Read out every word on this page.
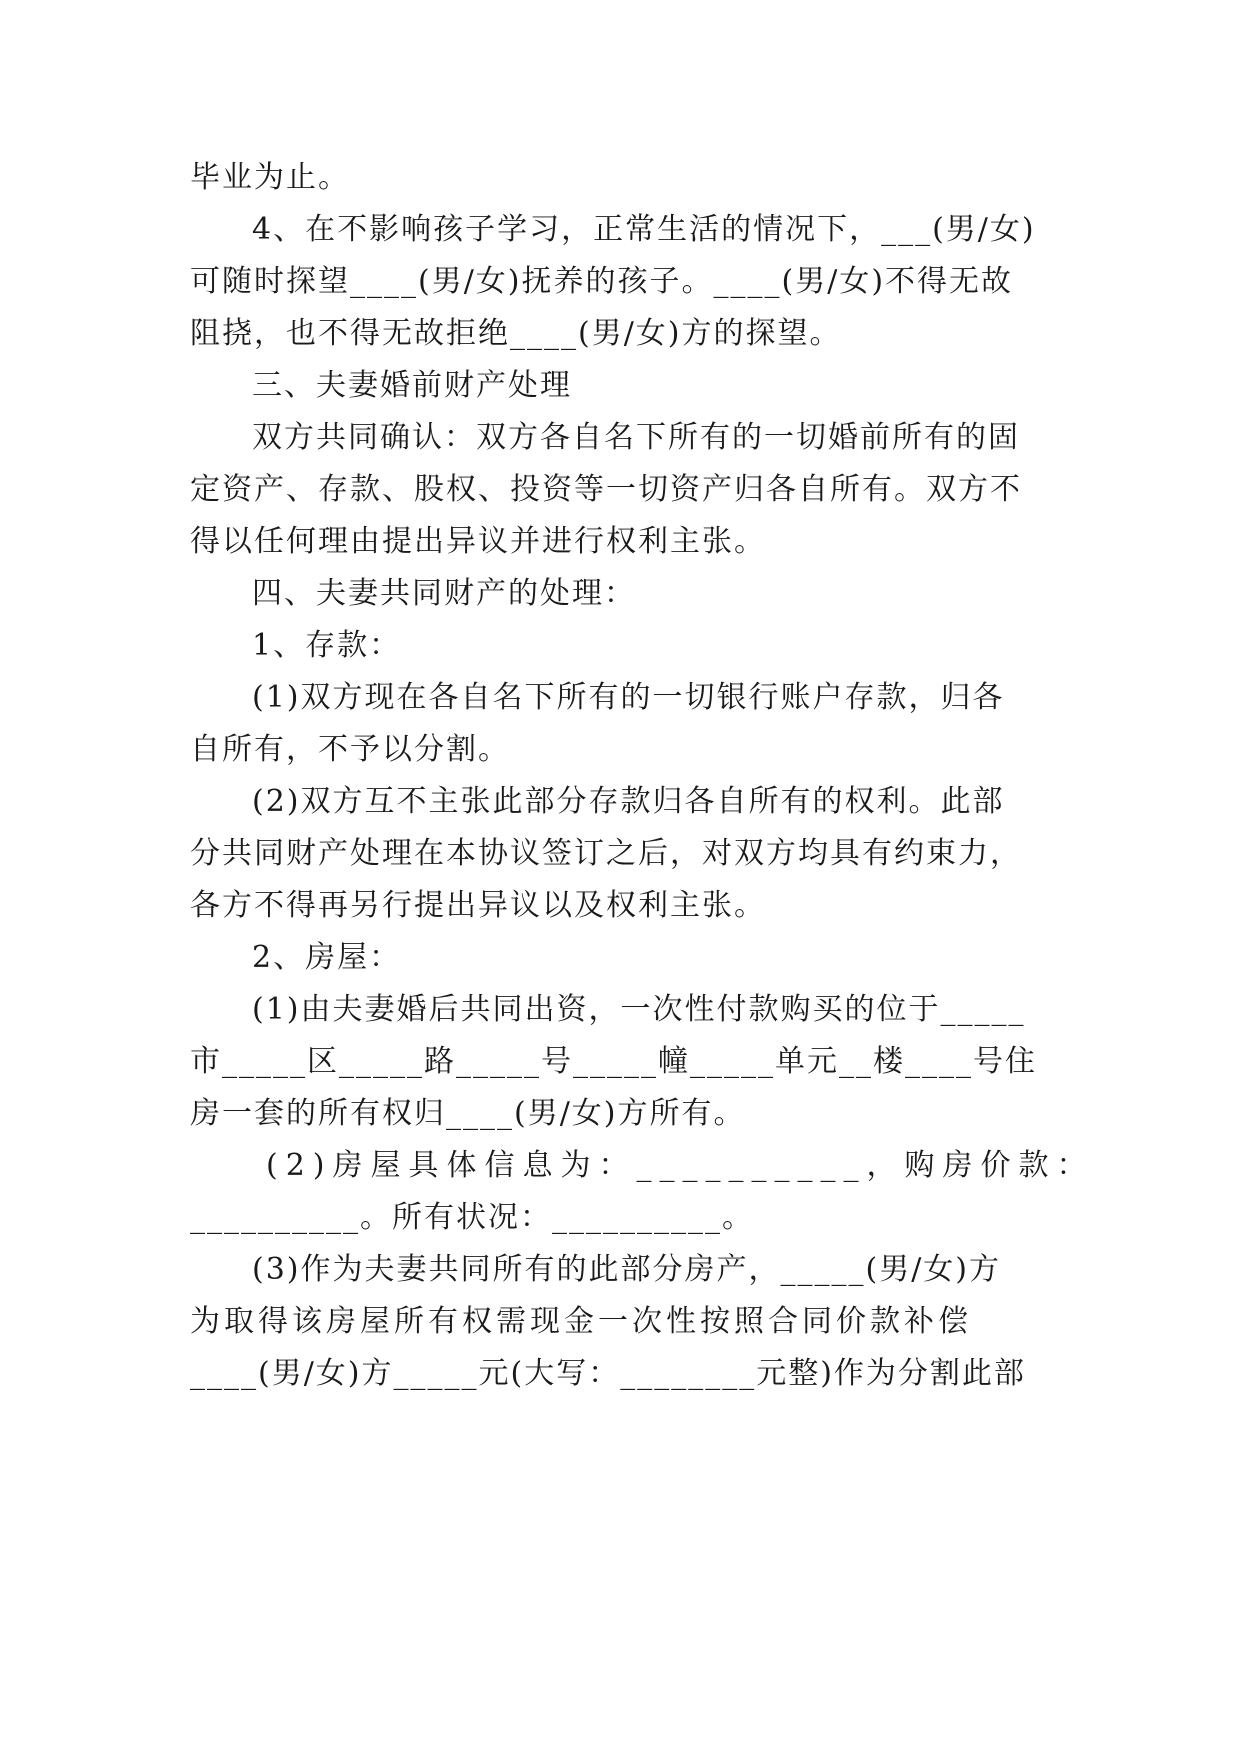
毕业为止。
4、在不影响孩子学习，正常生活的情况下，___(男/女)
可随时探望____(男/女)抚养的孩子。____(男/女)不得无故
阻挠，也不得无故拒绝____(男/女)方的探望。
三、夫妻婚前财产处理
双方共同确认：双方各自名下所有的一切婚前所有的固
定资产、存款、股权、投资等一切资产归各自所有。双方不
得以任何理由提出异议并进行权利主张。
四、夫妻共同财产的处理：
1、存款：
(1)双方现在各自名下所有的一切银行账户存款，归各
自所有，不予以分割。
(2)双方互不主张此部分存款归各自所有的权利。此部
分共同财产处理在本协议签订之后，对双方均具有约束力，
各方不得再另行提出异议以及权利主张。
2、房屋：
(1)由夫妻婚后共同出资，一次性付款购买的位于_____
市_____区_____路_____号_____幢_____单元__楼____号住
房一套的所有权归____(男/女)方所有。
(2)房屋具体信息为：__________，购房价款：
__________。所有状况：__________。
(3)作为夫妻共同所有的此部分房产，_____(男/女)方
为取得该房屋所有权需现金一次性按照合同价款补偿
____(男/女)方_____元(大写：________元整)作为分割此部
